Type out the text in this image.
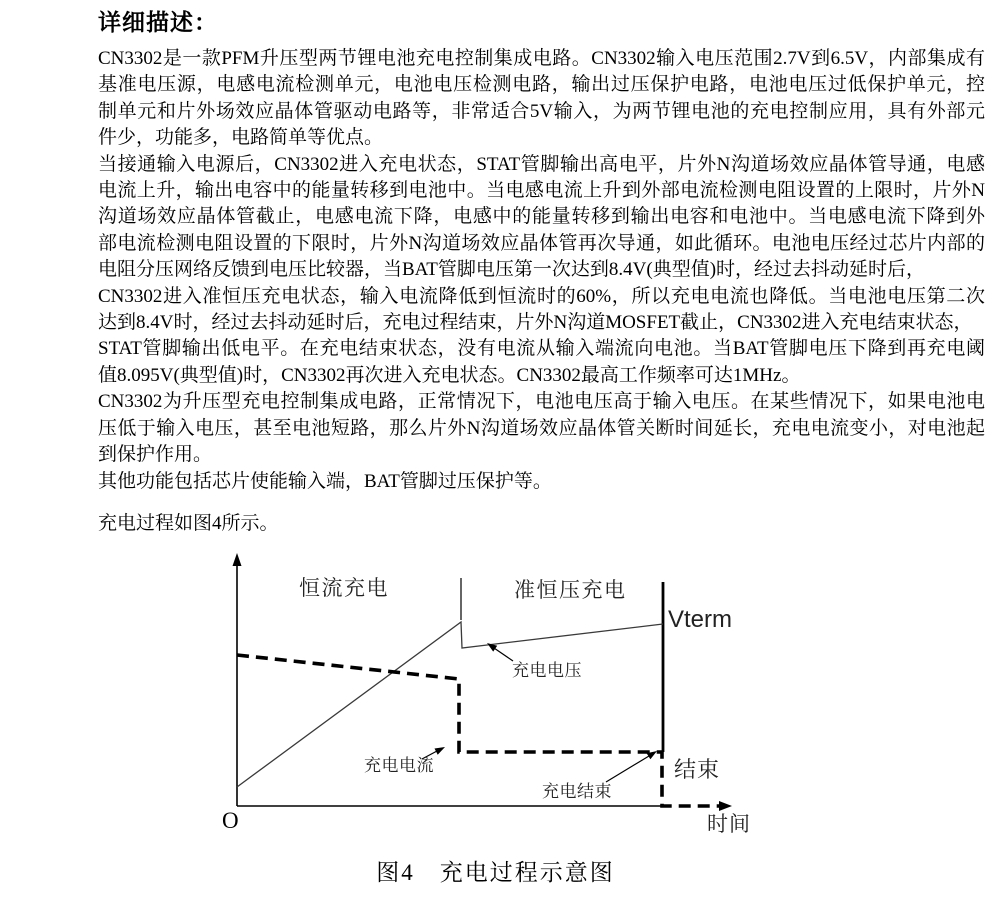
详细描述：
CN3302是一款PFM升压型两节锂电池充电控制集成电路。CN3302输入电压范围2.7V到6.5V，内部集成有
基准电压源，电感电流检测单元，电池电压检测电路，输出过压保护电路，电池电压过低保护单元，控
制单元和片外场效应晶体管驱动电路等，非常适合5V输入，为两节锂电池的充电控制应用，具有外部元
件少，功能多，电路简单等优点。
当接通输入电源后，CN3302进入充电状态，STAT管脚输出高电平，片外N沟道场效应晶体管导通，电感
电流上升，输出电容中的能量转移到电池中。当电感电流上升到外部电流检测电阻设置的上限时，片外N
沟道场效应晶体管截止，电感电流下降，电感中的能量转移到输出电容和电池中。当电感电流下降到外
部电流检测电阻设置的下限时，片外N沟道场效应晶体管再次导通，如此循环。电池电压经过芯片内部的
电阻分压网络反馈到电压比较器，当BAT管脚电压第一次达到8.4V(典型值)时，经过去抖动延时后，
CN3302进入准恒压充电状态，输入电流降低到恒流时的60%，所以充电电流也降低。当电池电压第二次
达到8.4V时，经过去抖动延时后，充电过程结束，片外N沟道MOSFET截止，CN3302进入充电结束状态，
STAT管脚输出低电平。在充电结束状态，没有电流从输入端流向电池。当BAT管脚电压下降到再充电阈
值8.095V(典型值)时，CN3302再次进入充电状态。CN3302最高工作频率可达1MHz。
CN3302为升压型充电控制集成电路，正常情况下，电池电压高于输入电压。在某些情况下，如果电池电
压低于输入电压，甚至电池短路，那么片外N沟道场效应晶体管关断时间延长，充电电流变小，对电池起
到保护作用。
其他功能包括芯片使能输入端，BAT管脚过压保护等。
充电过程如图4所示。
恒流充电	准恒压充电
Vterm
充电电压
充电电流
充电结束
结束
O	时间
图4　充电过程示意图
